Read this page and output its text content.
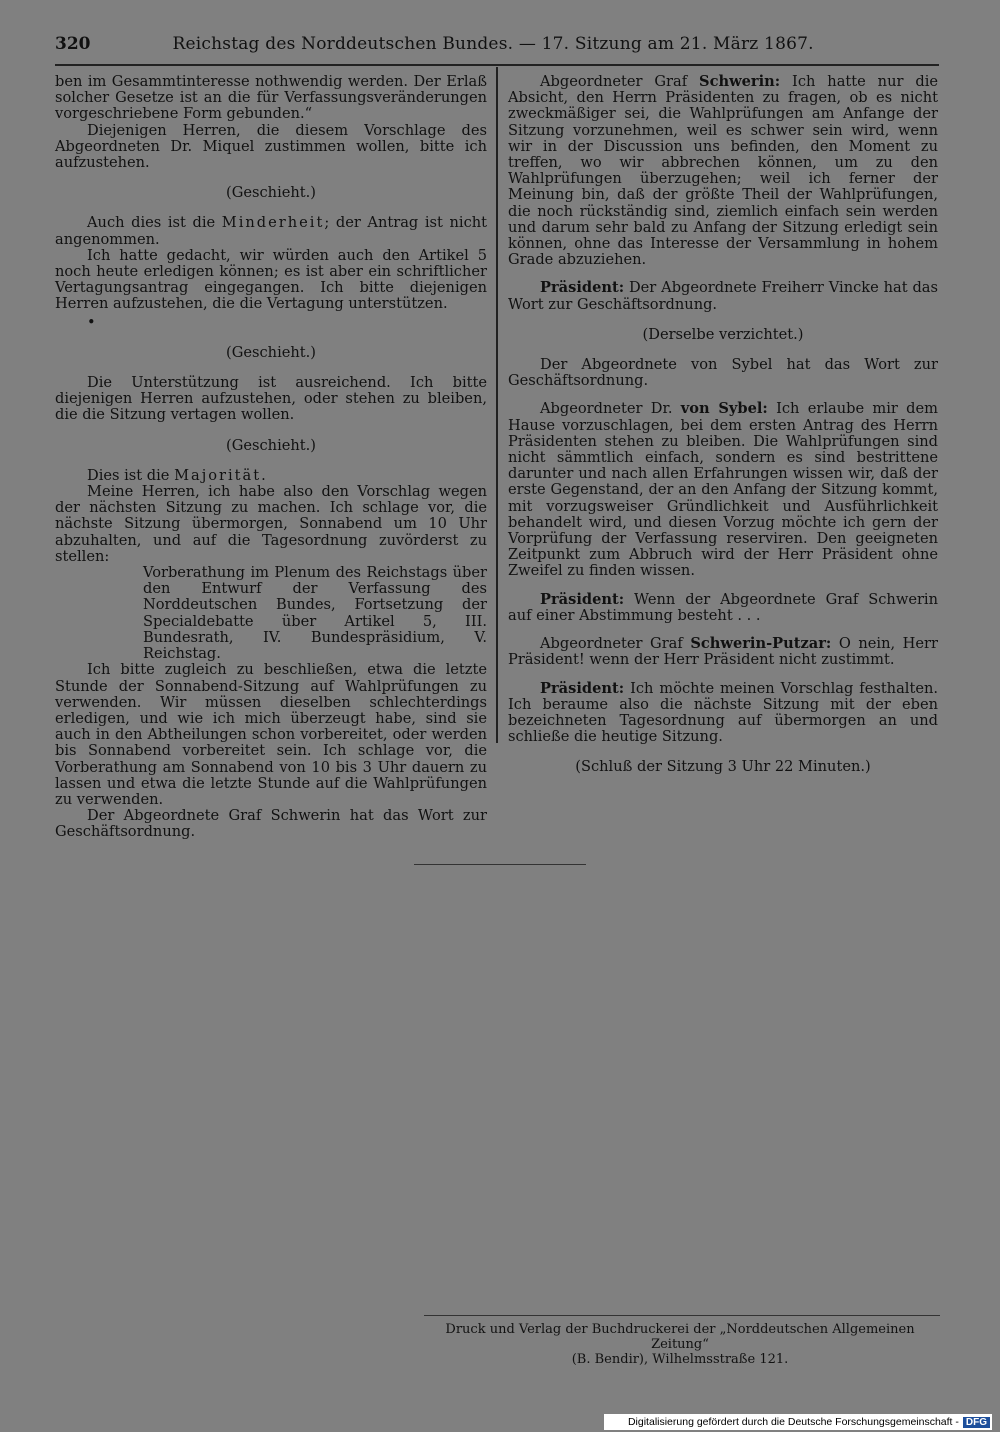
320	Reichstag des Norddeutschen Bundes. — 17. Sitzung am 21. März 1867.

ben im Gesammtinteresse nothwendig werden. Der Erlaß solcher Gesetze ist an die für Verfassungsveränderungen vorgeschriebene Form gebunden.“

Diejenigen Herren, die diesem Vorschlage des Abgeordneten Dr. Miquel zustimmen wollen, bitte ich aufzustehen.

(Geschieht.)

Auch dies ist die Minderheit; der Antrag ist nicht angenommen.

Ich hatte gedacht, wir würden auch den Artikel 5 noch heute erledigen können; es ist aber ein schriftlicher Vertagungsantrag eingegangen. Ich bitte diejenigen Herren aufzustehen, die die Vertagung unterstützen.

•

(Geschieht.)

Die Unterstützung ist ausreichend. Ich bitte diejenigen Herren aufzustehen, oder stehen zu bleiben, die die Sitzung vertagen wollen.

(Geschieht.)

Dies ist die Majorität.

Meine Herren, ich habe also den Vorschlag wegen der nächsten Sitzung zu machen. Ich schlage vor, die nächste Sitzung übermorgen, Sonnabend um 10 Uhr abzuhalten, und auf die Tagesordnung zuvörderst zu stellen:

Vorberathung im Plenum des Reichstags über den Entwurf der Verfassung des Norddeutschen Bundes, Fortsetzung der Specialdebatte über Artikel 5, III. Bundesrath, IV. Bundespräsidium, V. Reichstag.

Ich bitte zugleich zu beschließen, etwa die letzte Stunde der Sonnabend-Sitzung auf Wahlprüfungen zu verwenden. Wir müssen dieselben schlechterdings erledigen, und wie ich mich überzeugt habe, sind sie auch in den Abtheilungen schon vorbereitet, oder werden bis Sonnabend vorbereitet sein. Ich schlage vor, die Vorberathung am Sonnabend von 10 bis 3 Uhr dauern zu lassen und etwa die letzte Stunde auf die Wahlprüfungen zu verwenden.

Der Abgeordnete Graf Schwerin hat das Wort zur Geschäftsordnung.

Abgeordneter Graf Schwerin: Ich hatte nur die Absicht, den Herrn Präsidenten zu fragen, ob es nicht zweckmäßiger sei, die Wahlprüfungen am Anfange der Sitzung vorzunehmen, weil es schwer sein wird, wenn wir in der Discussion uns befinden, den Moment zu treffen, wo wir abbrechen können, um zu den Wahlprüfungen überzugehen; weil ich ferner der Meinung bin, daß der größte Theil der Wahlprüfungen, die noch rückständig sind, ziemlich einfach sein werden und darum sehr bald zu Anfang der Sitzung erledigt sein können, ohne das Interesse der Versammlung in hohem Grade abzuziehen.

Präsident: Der Abgeordnete Freiherr Vincke hat das Wort zur Geschäftsordnung.

(Derselbe verzichtet.)

Der Abgeordnete von Sybel hat das Wort zur Geschäftsordnung.

Abgeordneter Dr. von Sybel: Ich erlaube mir dem Hause vorzuschlagen, bei dem ersten Antrag des Herrn Präsidenten stehen zu bleiben. Die Wahlprüfungen sind nicht sämmtlich einfach, sondern es sind bestrittene darunter und nach allen Erfahrungen wissen wir, daß der erste Gegenstand, der an den Anfang der Sitzung kommt, mit vorzugsweiser Gründlichkeit und Ausführlichkeit behandelt wird, und diesen Vorzug möchte ich gern der Vorprüfung der Verfassung reserviren. Den geeigneten Zeitpunkt zum Abbruch wird der Herr Präsident ohne Zweifel zu finden wissen.

Präsident: Wenn der Abgeordnete Graf Schwerin auf einer Abstimmung besteht . . .

Abgeordneter Graf Schwerin-Putzar: O nein, Herr Präsident! wenn der Herr Präsident nicht zustimmt.

Präsident: Ich möchte meinen Vorschlag festhalten. Ich beraume also die nächste Sitzung mit der eben bezeichneten Tagesordnung auf übermorgen an und schließe die heutige Sitzung.

(Schluß der Sitzung 3 Uhr 22 Minuten.)

Druck und Verlag der Buchdruckerei der „Norddeutschen Allgemeinen Zeitung“
(B. Bendir), Wilhelmsstraße 121.
Digitalisierung gefördert durch die Deutsche Forschungsgemeinschaft - DFG
